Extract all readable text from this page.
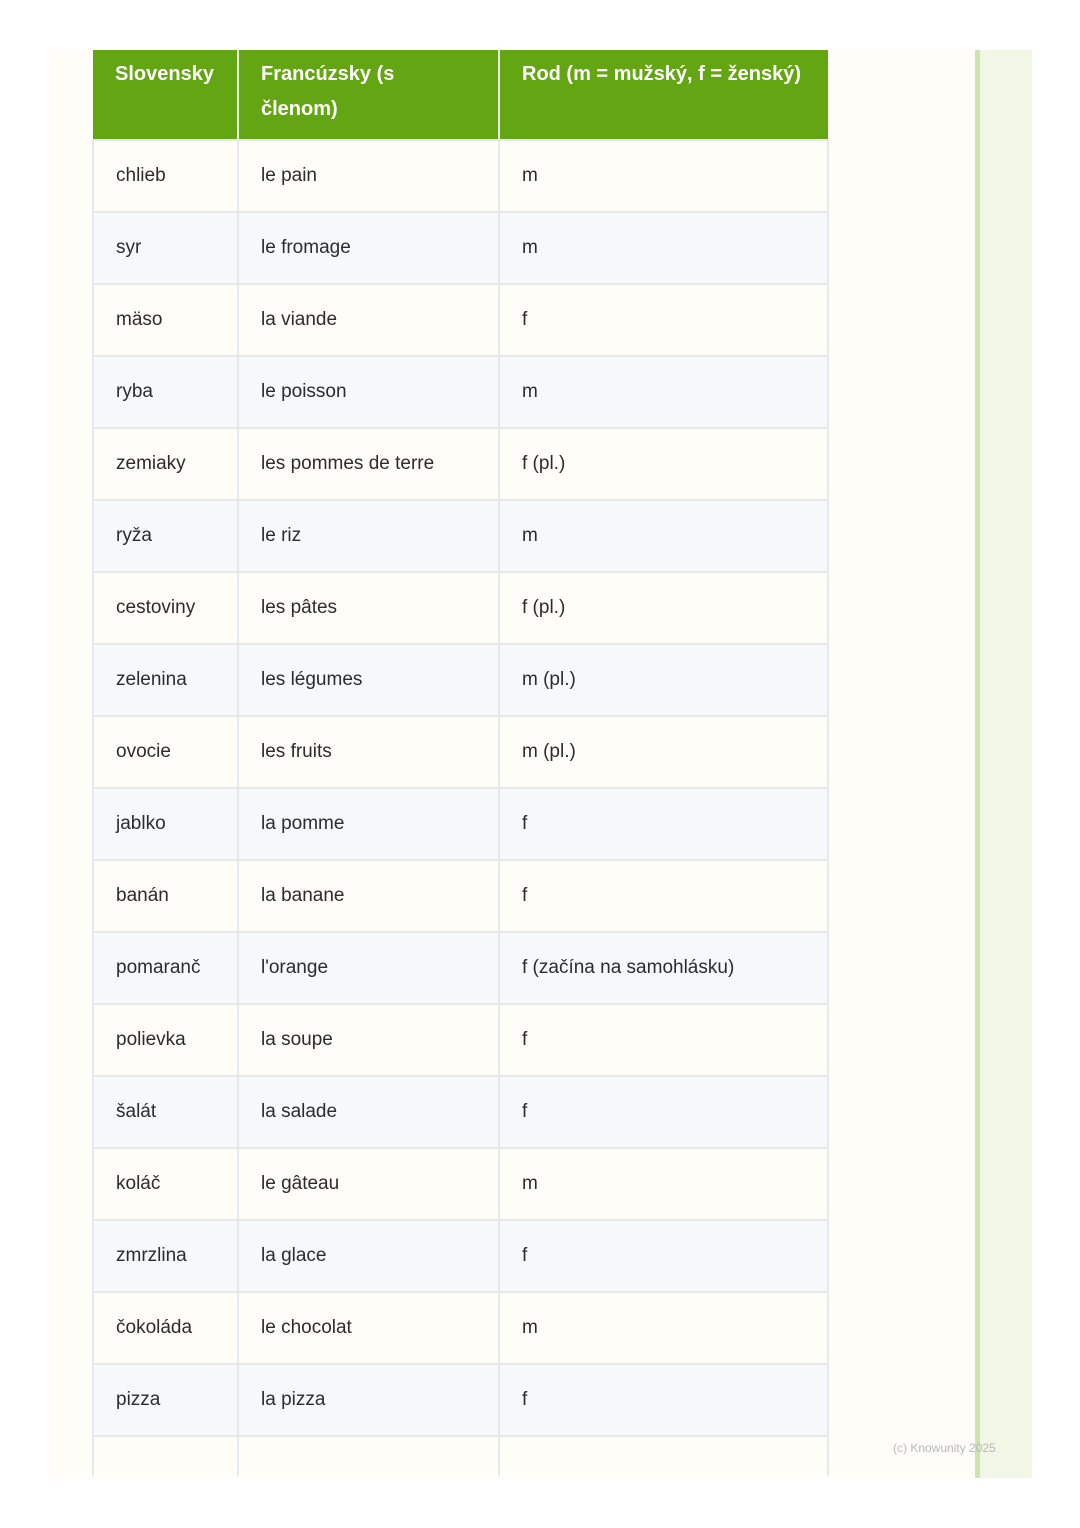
Slovensky	Francúzsky (s členom)	Rod (m = mužský, f = ženský)
chlieb	le pain	m
syr	le fromage	m
mäso	la viande	f
ryba	le poisson	m
zemiaky	les pommes de terre	f (pl.)
ryža	le riz	m
cestoviny	les pâtes	f (pl.)
zelenina	les légumes	m (pl.)
ovocie	les fruits	m (pl.)
jablko	la pomme	f
banán	la banane	f
pomaranč	l'orange	f (začína na samohlásku)
polievka	la soupe	f
šalát	la salade	f
koláč	le gâteau	m
zmrzlina	la glace	f
čokoláda	le chocolat	m
pizza	la pizza	f

(c) Knowunity 2025
